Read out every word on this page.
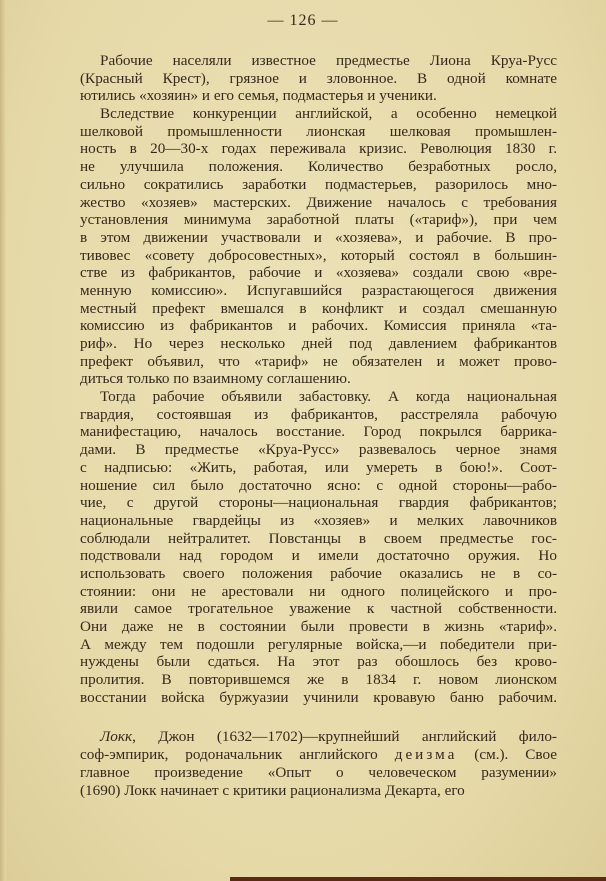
— 126 —
Рабочие населяли известное предместье Лиона Круа-Русс
(Красный Крест), грязное и зловонное. В одной комнате
ютились «хозяин» и его семья, подмастерья и ученики.
Вследствие конкуренции английской, а особенно немецкой
шелковой промышленности лионская шелковая промышлен-
ность в 20—30-х годах переживала кризис. Революция 1830 г.
не улучшила положения. Количество безработных росло,
сильно сократились заработки подмастерьев, разорилось мно-
жество «хозяев» мастерских. Движение началось с требования
установления минимума заработной платы («тариф»), при чем
в этом движении участвовали и «хозяева», и рабочие. В про-
тивовес «совету добросовестных», который состоял в большин-
стве из фабрикантов, рабочие и «хозяева» создали свою «вре-
менную комиссию». Испугавшийся разрастающегося движения
местный префект вмешался в конфликт и создал смешанную
комиссию из фабрикантов и рабочих. Комиссия приняла «та-
риф». Но через несколько дней под давлением фабрикантов
префект объявил, что «тариф» не обязателен и может прово-
диться только по взаимному соглашению.
Тогда рабочие объявили забастовку. А когда национальная
гвардия, состоявшая из фабрикантов, расстреляла рабочую
манифестацию, началось восстание. Город покрылся баррика-
дами. В предместье «Круа-Русс» развевалось черное знамя
с надписью: «Жить, работая, или умереть в бою!». Соот-
ношение сил было достаточно ясно: с одной стороны—рабо-
чие, с другой стороны—национальная гвардия фабрикантов;
национальные гвардейцы из «хозяев» и мелких лавочников
соблюдали нейтралитет. Повстанцы в своем предместье гос-
подствовали над городом и имели достаточно оружия. Но
использовать своего положения рабочие оказались не в со-
стоянии: они не арестовали ни одного полицейского и про-
явили самое трогательное уважение к частной собственности.
Они даже не в состоянии были провести в жизнь «тариф».
А между тем подошли регулярные войска,—и победители при-
нуждены были сдаться. На этот раз обошлось без крово-
пролития. В повторившемся же в 1834 г. новом лионском
восстании войска буржуазии учинили кровавую баню рабочим.
Локк, Джон (1632—1702)—крупнейший английский фило-
соф-эмпирик, родоначальник английского деизма (см.). Свое
главное произведение «Опыт о человеческом разумении»
(1690) Локк начинает с критики рационализма Декарта, его
